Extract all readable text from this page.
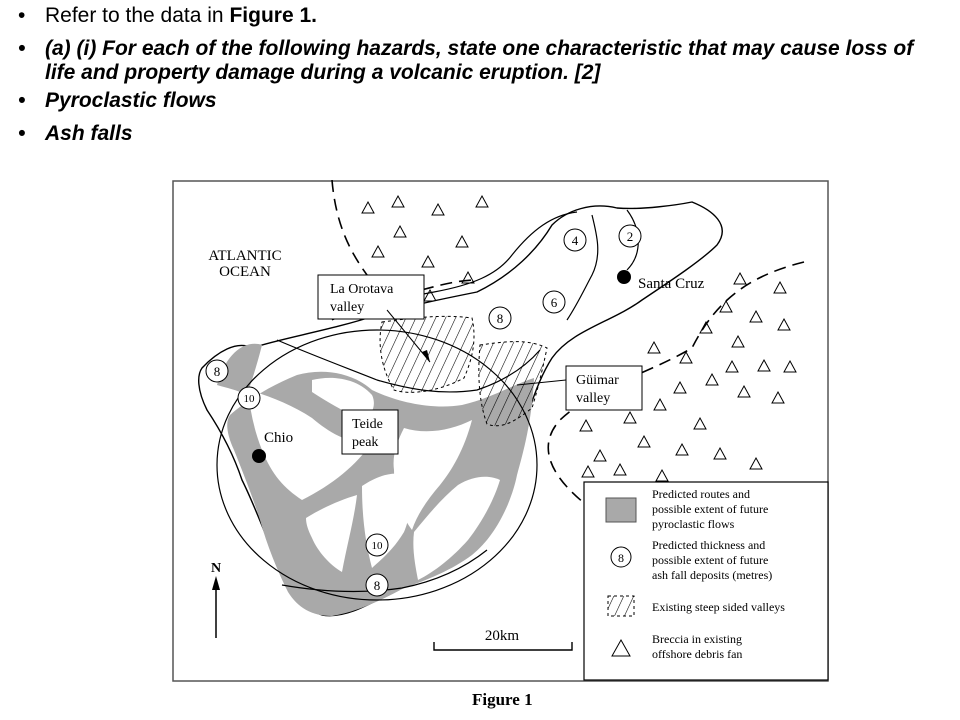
• Refer to the data in Figure 1.
• (a) (i) For each of the following hazards, state one characteristic that may cause loss of life and property damage during a volcanic eruption. [2]
• Pyroclastic flows
• Ash falls
2
4
6
8
8
10
10
8
Chio
Santa Cruz
ATLANTIC
OCEAN
La Orotava
valley
Güimar
valley
Teide
peak
N
20km
Predicted routes and
possible extent of future
pyroclastic flows
8
Predicted thickness and
possible extent of future
ash fall deposits (metres)
Existing steep sided valleys
Breccia in existing
offshore debris fan
Figure 1
